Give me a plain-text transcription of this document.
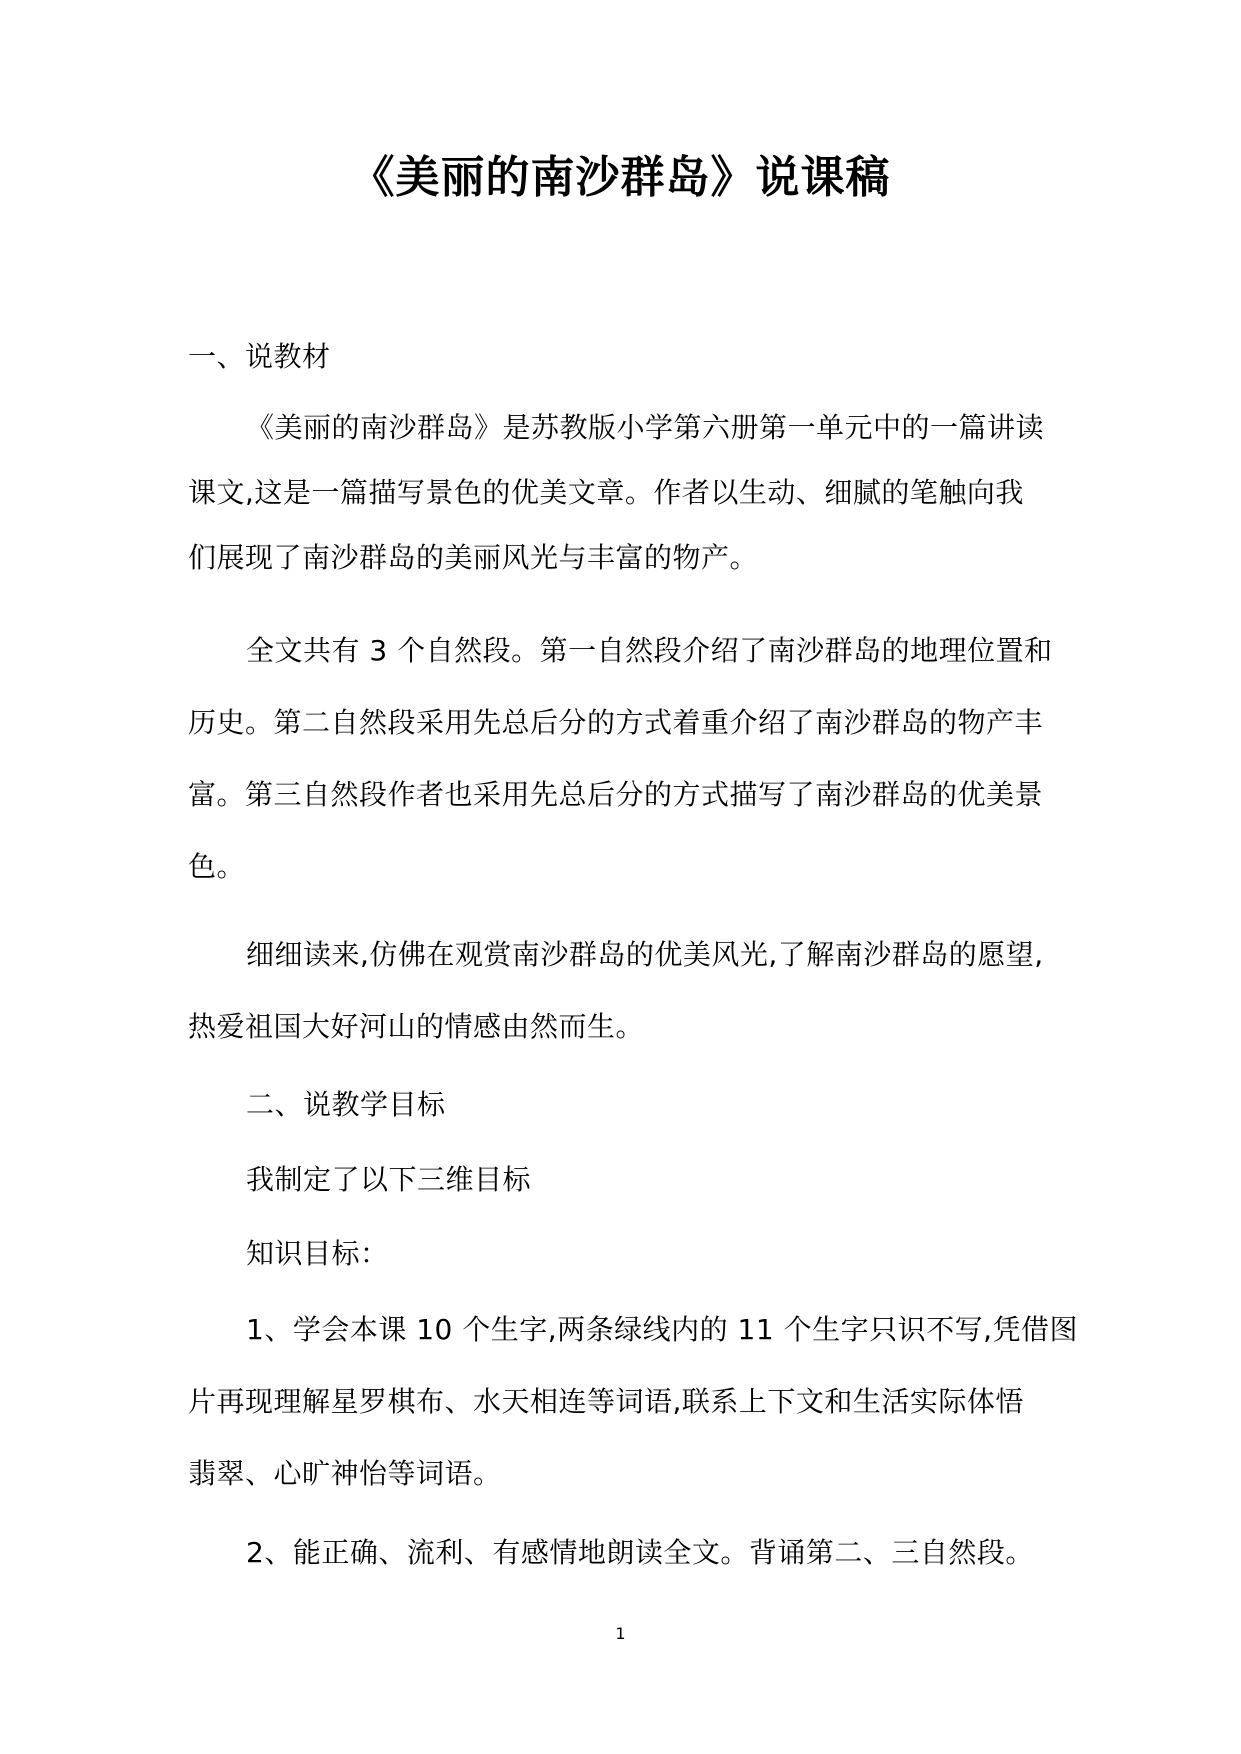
《美丽的南沙群岛》说课稿
一、说教材
《美丽的南沙群岛》是苏教版小学第六册第一单元中的一篇讲读
课文,这是一篇描写景色的优美文章。作者以生动、细腻的笔触向我
们展现了南沙群岛的美丽风光与丰富的物产。
全文共有 3 个自然段。第一自然段介绍了南沙群岛的地理位置和
历史。第二自然段采用先总后分的方式着重介绍了南沙群岛的物产丰
富。第三自然段作者也采用先总后分的方式描写了南沙群岛的优美景
色。
细细读来,仿佛在观赏南沙群岛的优美风光,了解南沙群岛的愿望,
热爱祖国大好河山的情感由然而生。
二、说教学目标
我制定了以下三维目标
知识目标：
1、学会本课 10 个生字,两条绿线内的 11 个生字只识不写,凭借图
片再现理解星罗棋布、水天相连等词语,联系上下文和生活实际体悟
翡翠、心旷神怡等词语。
2、能正确、流利、有感情地朗读全文。背诵第二、三自然段。
1
